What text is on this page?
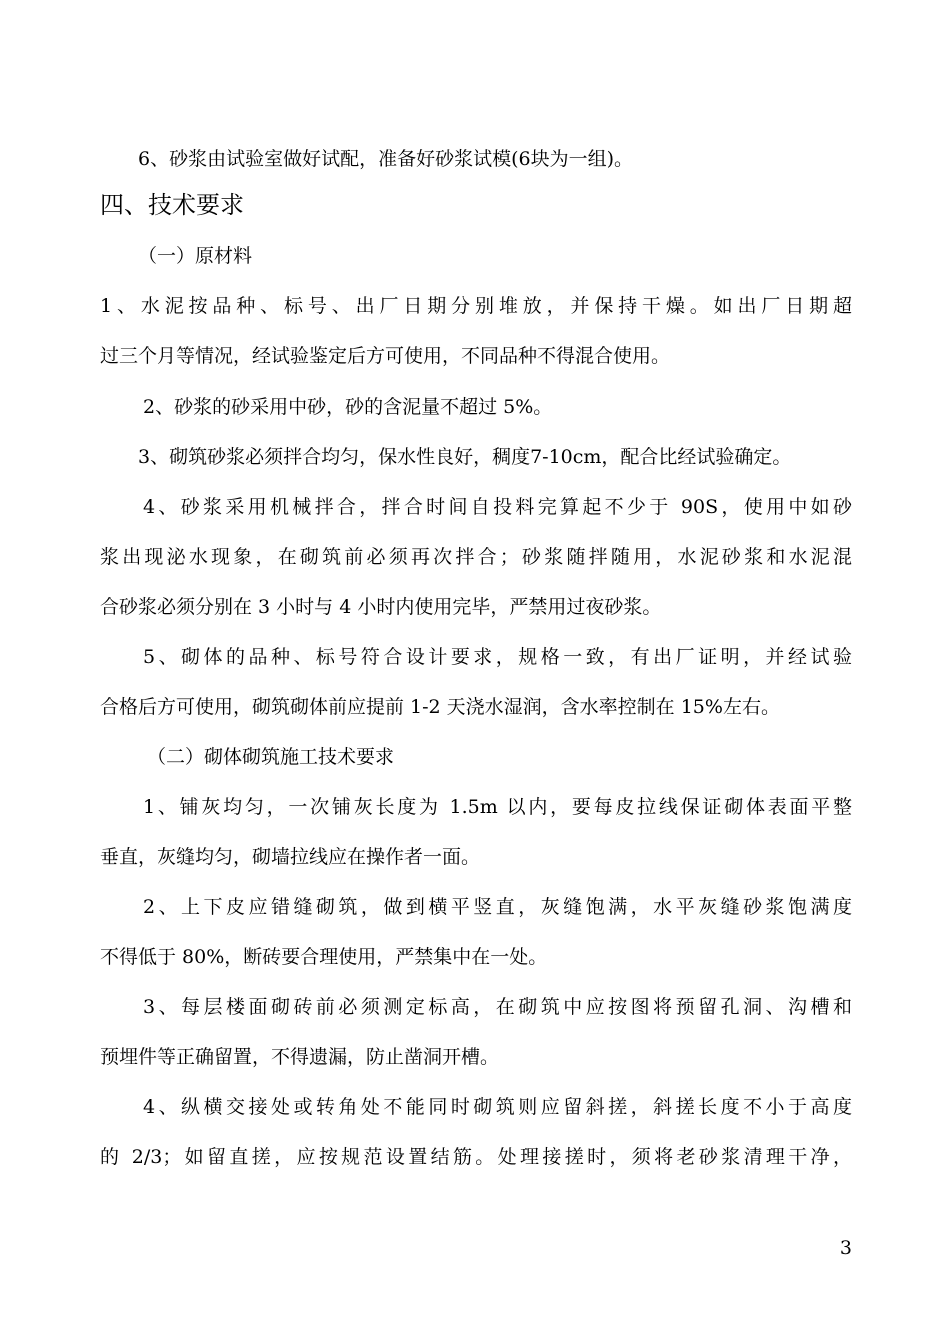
6、砂浆由试验室做好试配，准备好砂浆试模(6块为一组)。
四、技术要求
（一）原材料
1、水泥按品种、标号、出厂日期分别堆放，并保持干燥。如出厂日期超
过三个月等情况，经试验鉴定后方可使用，不同品种不得混合使用。
2、砂浆的砂采用中砂，砂的含泥量不超过 5%。
3、砌筑砂浆必须拌合均匀，保水性良好，稠度7-10cm，配合比经试验确定。
4、砂浆采用机械拌合，拌合时间自投料完算起不少于 90S，使用中如砂
浆出现泌水现象，在砌筑前必须再次拌合；砂浆随拌随用，水泥砂浆和水泥混
合砂浆必须分别在 3 小时与 4 小时内使用完毕，严禁用过夜砂浆。
5、砌体的品种、标号符合设计要求，规格一致，有出厂证明，并经试验
合格后方可使用，砌筑砌体前应提前 1-2 天浇水湿润，含水率控制在 15%左右。
（二）砌体砌筑施工技术要求
1、铺灰均匀，一次铺灰长度为 1.5m 以内，要每皮拉线保证砌体表面平整
垂直，灰缝均匀，砌墙拉线应在操作者一面。
2、上下皮应错缝砌筑，做到横平竖直，灰缝饱满，水平灰缝砂浆饱满度
不得低于 80%，断砖要合理使用，严禁集中在一处。
3、每层楼面砌砖前必须测定标高，在砌筑中应按图将预留孔洞、沟槽和
预埋件等正确留置，不得遗漏，防止凿洞开槽。
4、纵横交接处或转角处不能同时砌筑则应留斜搓，斜搓长度不小于高度
的 2/3；如留直搓，应按规范设置结筋。处理接搓时，须将老砂浆清理干净，
3
